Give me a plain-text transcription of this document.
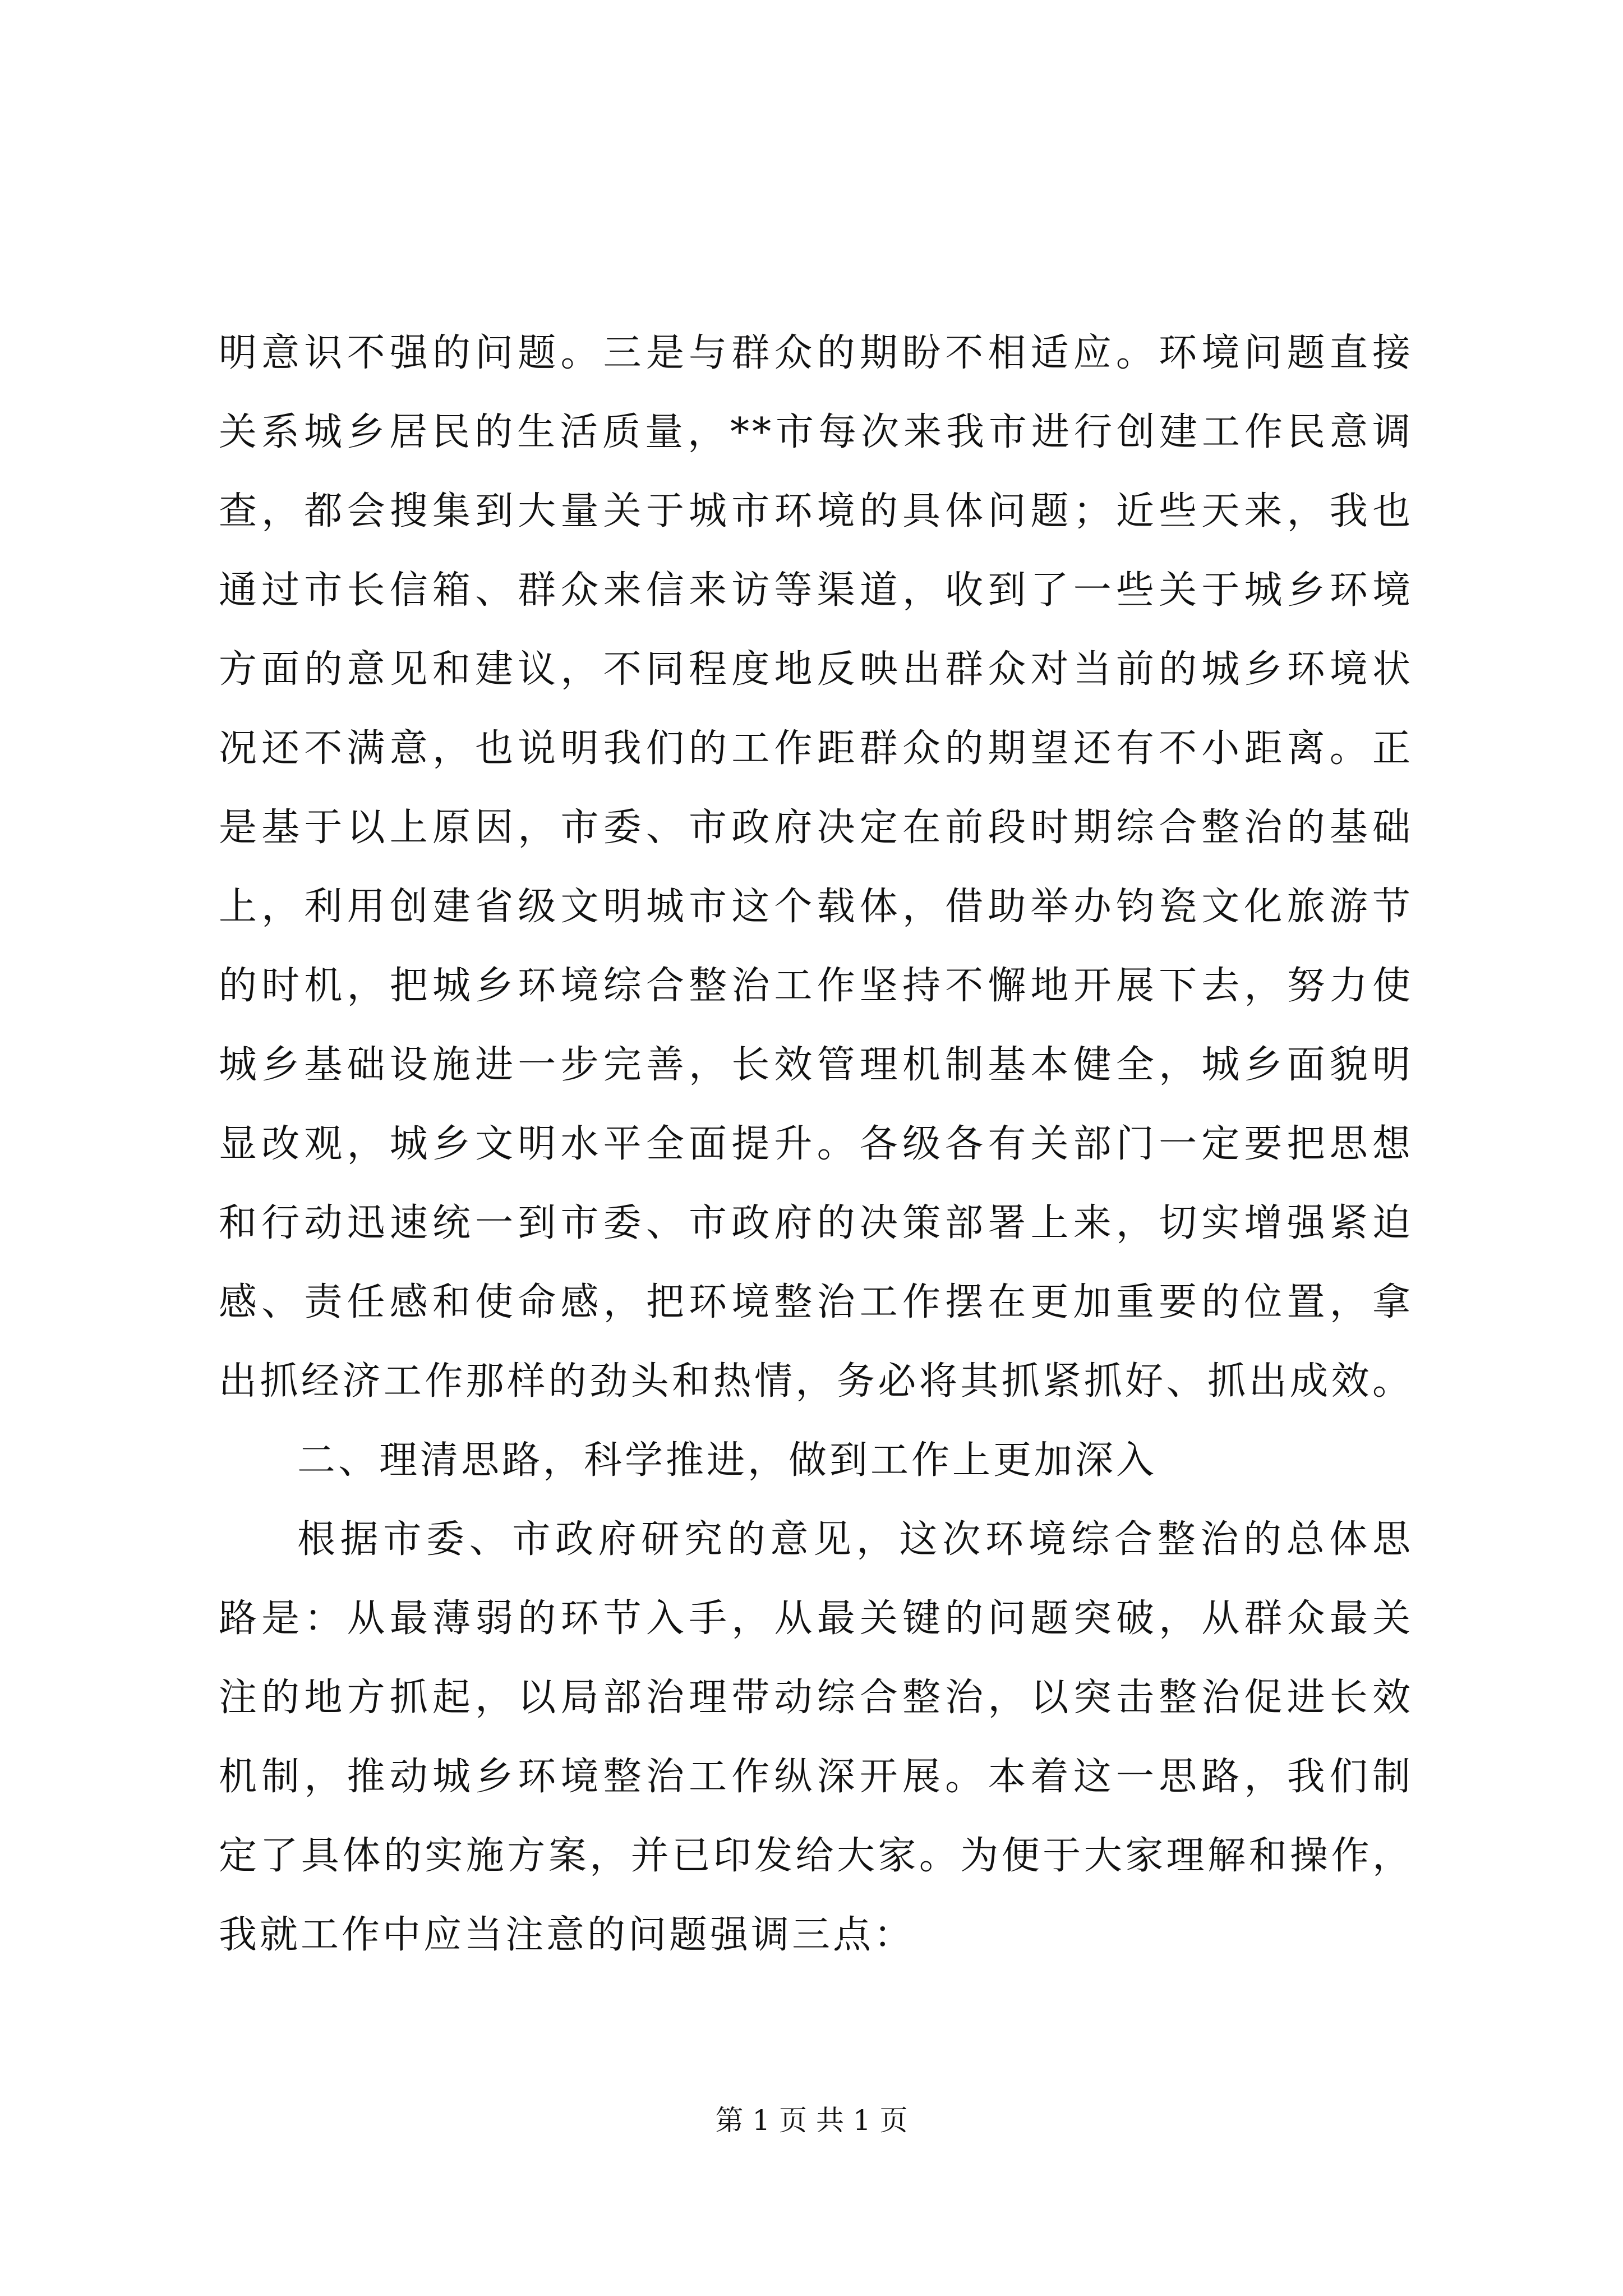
明意识不强的问题。三是与群众的期盼不相适应。环境问题直接
关系城乡居民的生活质量，**市每次来我市进行创建工作民意调
查，都会搜集到大量关于城市环境的具体问题；近些天来，我也
通过市长信箱、群众来信来访等渠道，收到了一些关于城乡环境
方面的意见和建议，不同程度地反映出群众对当前的城乡环境状
况还不满意，也说明我们的工作距群众的期望还有不小距离。正
是基于以上原因，市委、市政府决定在前段时期综合整治的基础
上，利用创建省级文明城市这个载体，借助举办钧瓷文化旅游节
的时机，把城乡环境综合整治工作坚持不懈地开展下去，努力使
城乡基础设施进一步完善，长效管理机制基本健全，城乡面貌明
显改观，城乡文明水平全面提升。各级各有关部门一定要把思想
和行动迅速统一到市委、市政府的决策部署上来，切实增强紧迫
感、责任感和使命感，把环境整治工作摆在更加重要的位置，拿
出抓经济工作那样的劲头和热情，务必将其抓紧抓好、抓出成效。
二、理清思路，科学推进，做到工作上更加深入
根据市委、市政府研究的意见，这次环境综合整治的总体思
路是：从最薄弱的环节入手，从最关键的问题突破，从群众最关
注的地方抓起，以局部治理带动综合整治，以突击整治促进长效
机制，推动城乡环境整治工作纵深开展。本着这一思路，我们制
定了具体的实施方案，并已印发给大家。为便于大家理解和操作，
我就工作中应当注意的问题强调三点：
第 1 页 共 1 页
